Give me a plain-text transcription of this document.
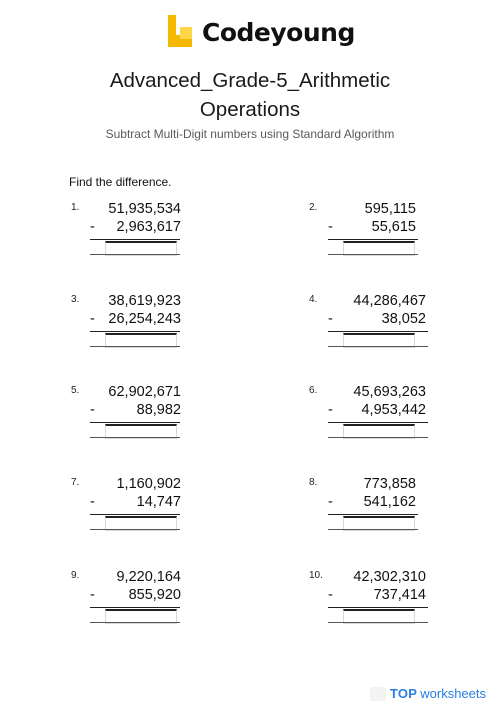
Codeyoung
Advanced_Grade-5_Arithmetic
Operations
Subtract Multi-Digit numbers using Standard Algorithm
Find the difference.
1. 51,935,534
- 2,963,617
3. 38,619,923
- 26,254,243
5. 62,902,671
-	88,982
7.	1,160,902
-	14,747
9.	9,220,164
- 855,920
2.	595,115
-	55,615
4. 44,286,467
-	38,052
6. 45,693,263
- 4,953,442
8.	773,858
- 541,162
10. 42,302,310
-	737,414
TOP worksheets
